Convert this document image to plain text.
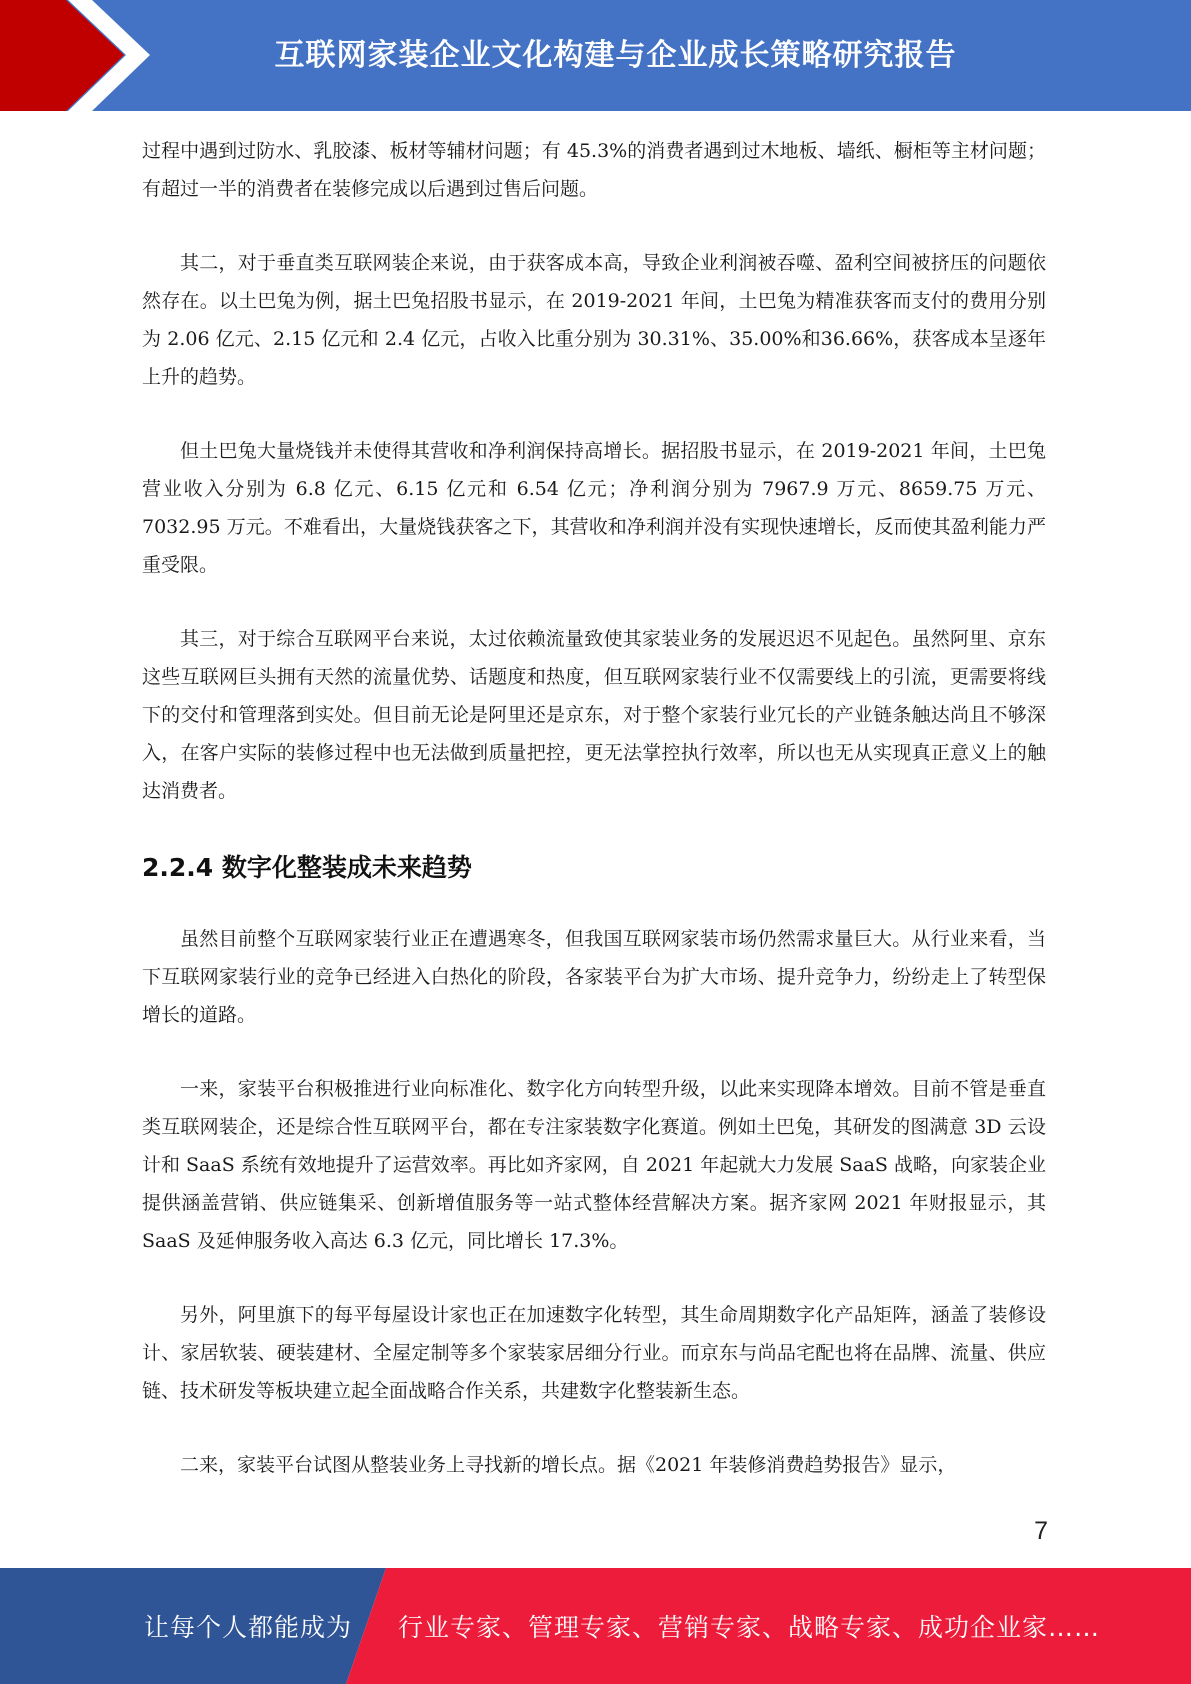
互联网家装企业文化构建与企业成长策略研究报告

过程中遇到过防水、乳胶漆、板材等辅材问题；有 45.3%的消费者遇到过木地板、墙纸、橱柜等主材问题；有超过一半的消费者在装修完成以后遇到过售后问题。

其二，对于垂直类互联网装企来说，由于获客成本高，导致企业利润被吞噬、盈利空间被挤压的问题依然存在。以土巴兔为例，据土巴兔招股书显示，在 2019-2021 年间，土巴兔为精准获客而支付的费用分别为 2.06 亿元、2.15 亿元和 2.4 亿元，占收入比重分别为 30.31%、35.00%和36.66%，获客成本呈逐年上升的趋势。

但土巴兔大量烧钱并未使得其营收和净利润保持高增长。据招股书显示，在 2019-2021 年间，土巴兔营业收入分别为 6.8 亿元、6.15 亿元和 6.54 亿元；净利润分别为 7967.9 万元、8659.75 万元、7032.95 万元。不难看出，大量烧钱获客之下，其营收和净利润并没有实现快速增长，反而使其盈利能力严重受限。

其三，对于综合互联网平台来说，太过依赖流量致使其家装业务的发展迟迟不见起色。虽然阿里、京东这些互联网巨头拥有天然的流量优势、话题度和热度，但互联网家装行业不仅需要线上的引流，更需要将线下的交付和管理落到实处。但目前无论是阿里还是京东，对于整个家装行业冗长的产业链条触达尚且不够深入，在客户实际的装修过程中也无法做到质量把控，更无法掌控执行效率，所以也无从实现真正意义上的触达消费者。

2.2.4 数字化整装成未来趋势

虽然目前整个互联网家装行业正在遭遇寒冬，但我国互联网家装市场仍然需求量巨大。从行业来看，当下互联网家装行业的竞争已经进入白热化的阶段，各家装平台为扩大市场、提升竞争力，纷纷走上了转型保增长的道路。

一来，家装平台积极推进行业向标准化、数字化方向转型升级，以此来实现降本增效。目前不管是垂直类互联网装企，还是综合性互联网平台，都在专注家装数字化赛道。例如土巴兔，其研发的图满意 3D 云设计和 SaaS 系统有效地提升了运营效率。再比如齐家网，自 2021 年起就大力发展 SaaS 战略，向家装企业提供涵盖营销、供应链集采、创新增值服务等一站式整体经营解决方案。据齐家网 2021 年财报显示，其 SaaS 及延伸服务收入高达 6.3 亿元，同比增长 17.3%。

另外，阿里旗下的每平每屋设计家也正在加速数字化转型，其生命周期数字化产品矩阵，涵盖了装修设计、家居软装、硬装建材、全屋定制等多个家装家居细分行业。而京东与尚品宅配也将在品牌、流量、供应链、技术研发等板块建立起全面战略合作关系，共建数字化整装新生态。

二来，家装平台试图从整装业务上寻找新的增长点。据《2021 年装修消费趋势报告》显示，

7
让每个人都能成为 行业专家、管理专家、营销专家、战略专家、成功企业家……
